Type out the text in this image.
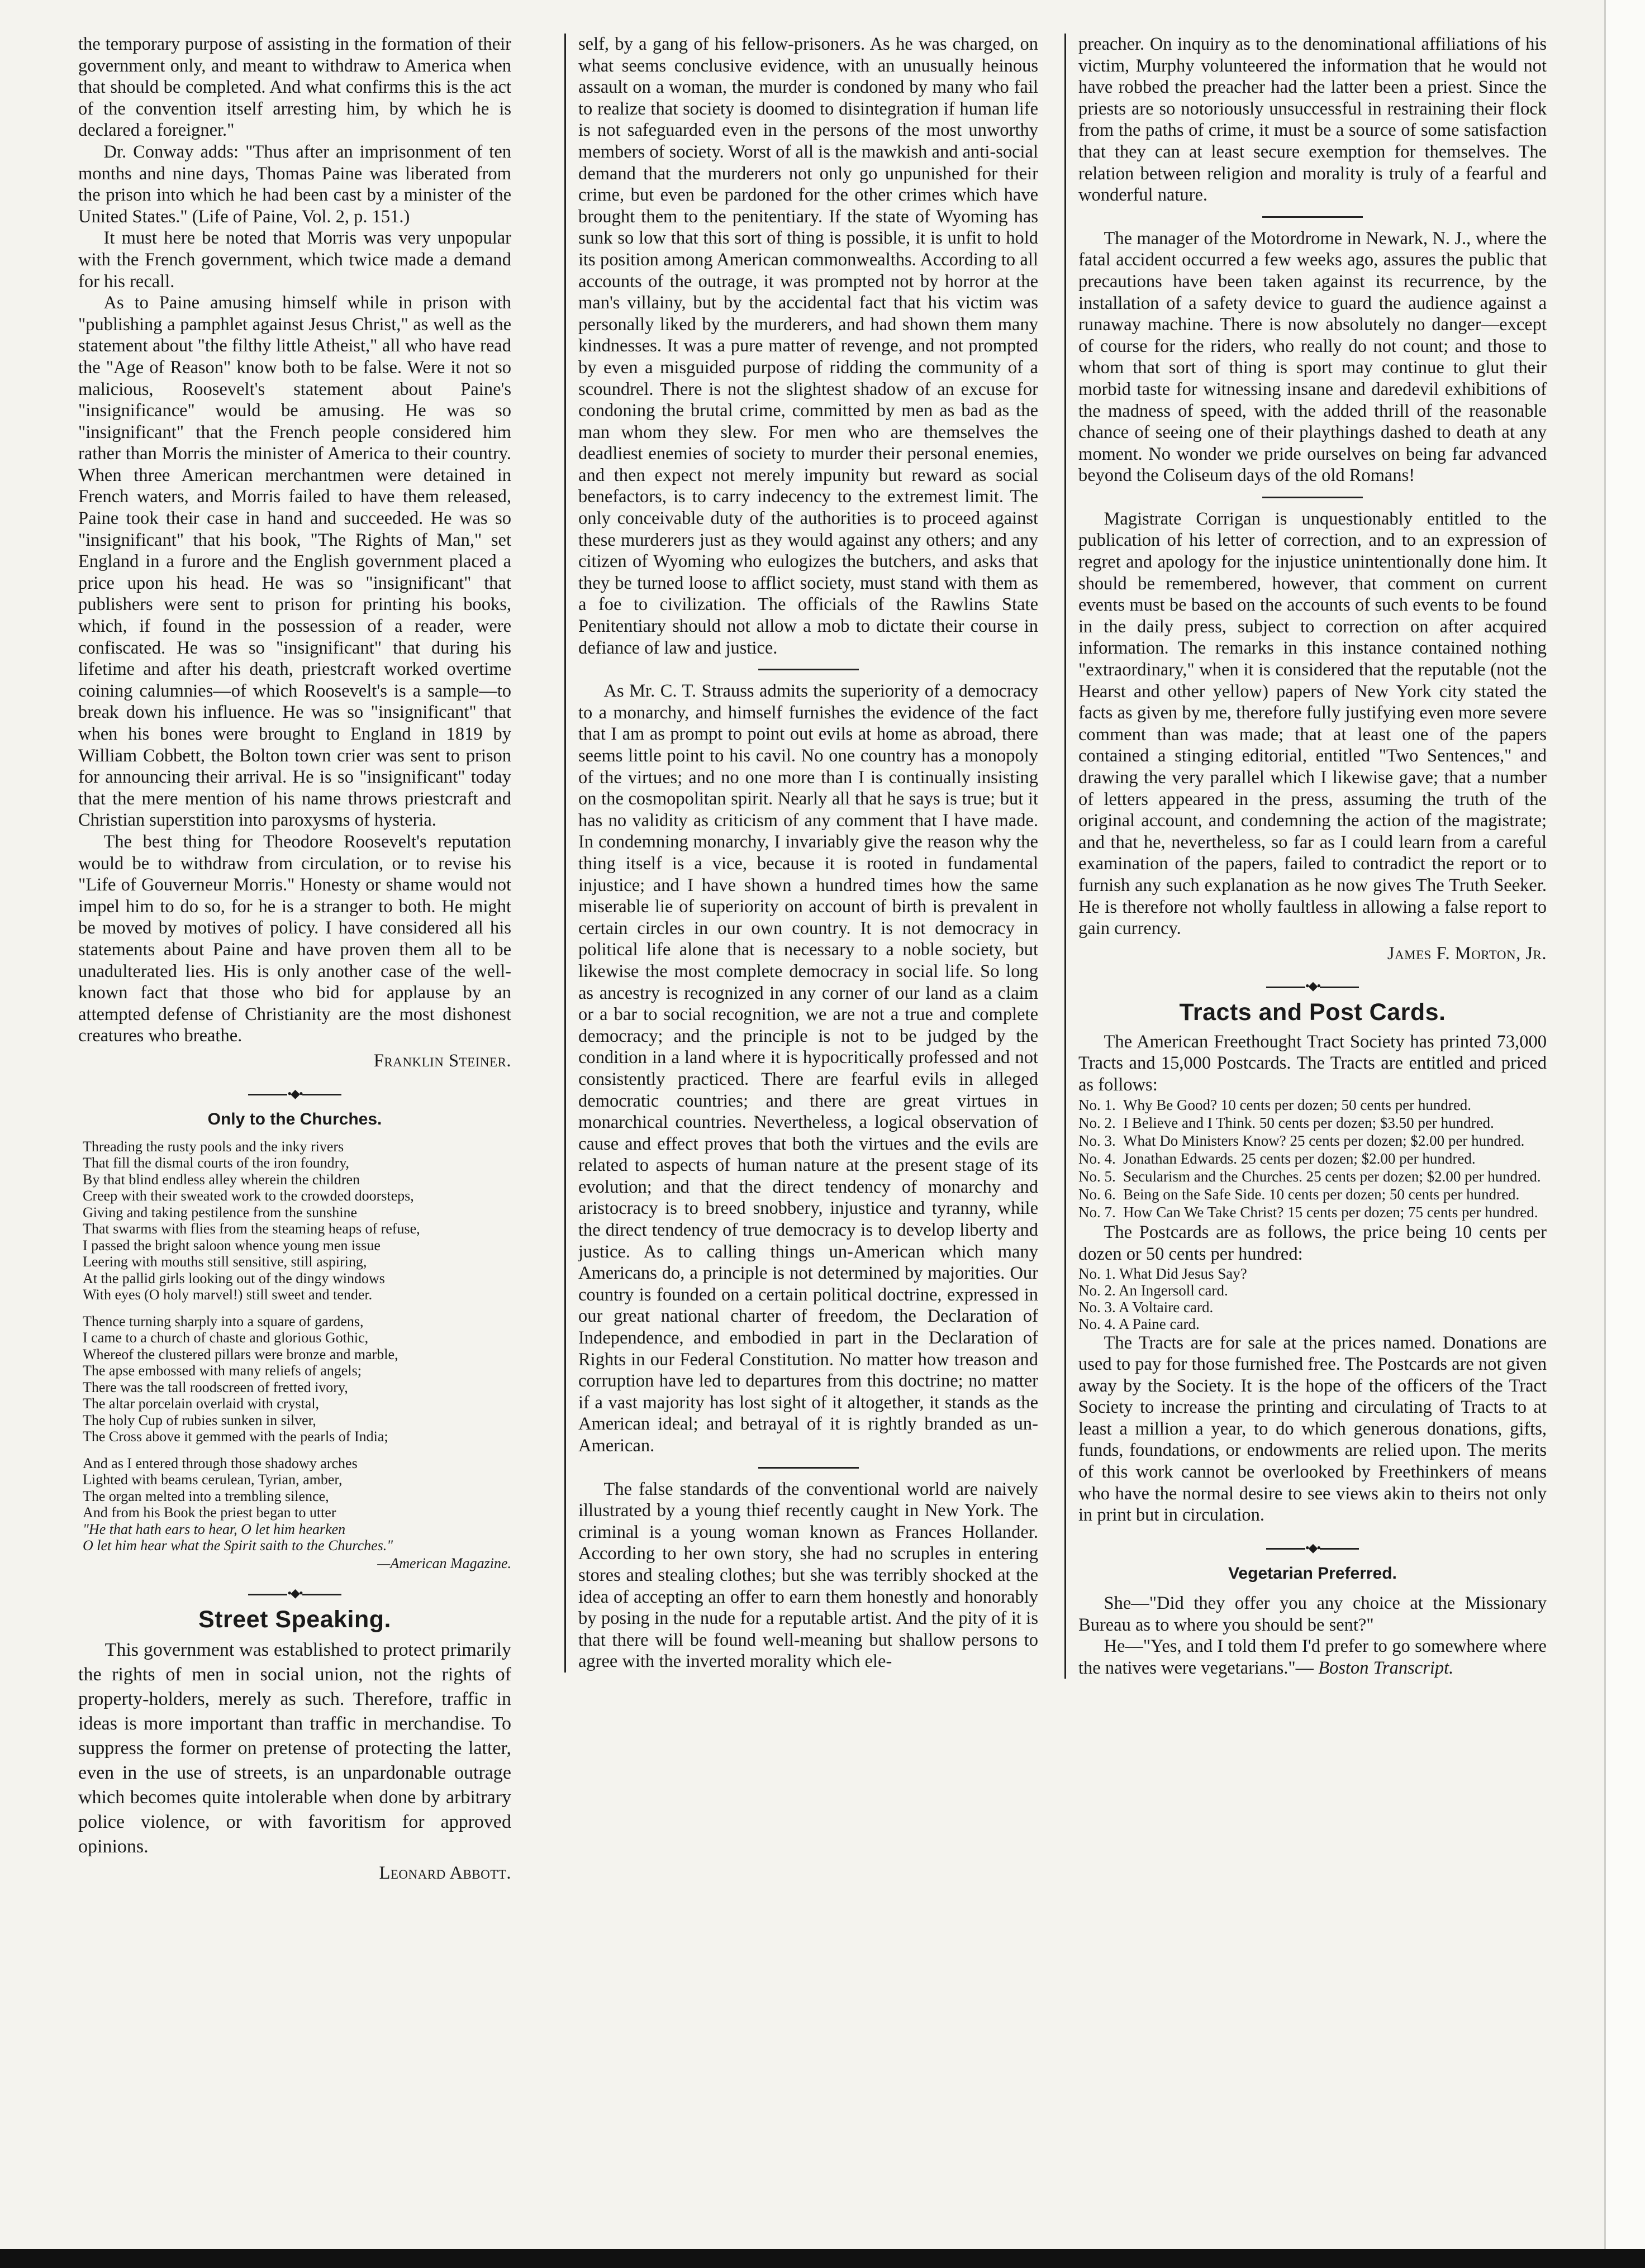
the temporary purpose of assisting in the formation of their government only, and meant to withdraw to America when that should be completed. And what confirms this is the act of the convention itself arresting him, by which he is declared a foreigner."

Dr. Conway adds: "Thus after an imprisonment of ten months and nine days, Thomas Paine was liberated from the prison into which he had been cast by a minister of the United States." (Life of Paine, Vol. 2, p. 151.)

It must here be noted that Morris was very unpopular with the French government, which twice made a demand for his recall.

As to Paine amusing himself while in prison with "publishing a pamphlet against Jesus Christ," as well as the statement about "the filthy little Atheist," all who have read the "Age of Reason" know both to be false. Were it not so malicious, Roosevelt's statement about Paine's "insignificance" would be amusing. He was so "insignificant" that the French people considered him rather than Morris the minister of America to their country. When three American merchantmen were detained in French waters, and Morris failed to have them released, Paine took their case in hand and succeeded. He was so "insignificant" that his book, "The Rights of Man," set England in a furore and the English government placed a price upon his head. He was so "insignificant" that publishers were sent to prison for printing his books, which, if found in the possession of a reader, were confiscated. He was so "insignificant" that during his lifetime and after his death, priestcraft worked overtime coining calumnies—of which Roosevelt's is a sample—to break down his influence. He was so "insignificant" that when his bones were brought to England in 1819 by William Cobbett, the Bolton town crier was sent to prison for announcing their arrival. He is so "insignificant" today that the mere mention of his name throws priestcraft and Christian superstition into paroxysms of hysteria.

The best thing for Theodore Roosevelt's reputation would be to withdraw from circulation, or to revise his "Life of Gouverneur Morris." Honesty or shame would not impel him to do so, for he is a stranger to both. He might be moved by motives of policy. I have considered all his statements about Paine and have proven them all to be unadulterated lies. His is only another case of the well-known fact that those who bid for applause by an attempted defense of Christianity are the most dishonest creatures who breathe.

Franklin Steiner.
•◆•
Only to the Churches.
Threading the rusty pools and the inky rivers
That fill the dismal courts of the iron foundry,
By that blind endless alley wherein the children
Creep with their sweated work to the crowded doorsteps,
Giving and taking pestilence from the sunshine
That swarms with flies from the steaming heaps of refuse,
I passed the bright saloon whence young men issue
Leering with mouths still sensitive, still aspiring,
At the pallid girls looking out of the dingy windows
With eyes (O holy marvel!) still sweet and tender.
Thence turning sharply into a square of gardens,
I came to a church of chaste and glorious Gothic,
Whereof the clustered pillars were bronze and marble,
The apse embossed with many reliefs of angels;
There was the tall roodscreen of fretted ivory,
The altar porcelain overlaid with crystal,
The holy Cup of rubies sunken in silver,
The Cross above it gemmed with the pearls of India;
And as I entered through those shadowy arches
Lighted with beams cerulean, Tyrian, amber,
The organ melted into a trembling silence,
And from his Book the priest began to utter
"He that hath ears to hear, O let him hearken
O let him hear what the Spirit saith to the Churches."
—American Magazine.
•◆•
Street Speaking.

This government was established to protect primarily the rights of men in social union, not the rights of property-holders, merely as such. Therefore, traffic in ideas is more important than traffic in merchandise. To suppress the former on pretense of protecting the latter, even in the use of streets, is an unpardonable outrage which becomes quite intolerable when done by arbitrary police violence, or with favoritism for approved opinions.

Leonard Abbott.

self, by a gang of his fellow-prisoners. As he was charged, on what seems conclusive evidence, with an unusually heinous assault on a woman, the murder is condoned by many who fail to realize that society is doomed to disintegration if human life is not safeguarded even in the persons of the most unworthy members of society. Worst of all is the mawkish and anti-social demand that the murderers not only go unpunished for their crime, but even be pardoned for the other crimes which have brought them to the penitentiary. If the state of Wyoming has sunk so low that this sort of thing is possible, it is unfit to hold its position among American commonwealths. According to all accounts of the outrage, it was prompted not by horror at the man's villainy, but by the accidental fact that his victim was personally liked by the murderers, and had shown them many kindnesses. It was a pure matter of revenge, and not prompted by even a misguided purpose of ridding the community of a scoundrel. There is not the slightest shadow of an excuse for condoning the brutal crime, committed by men as bad as the man whom they slew. For men who are themselves the deadliest enemies of society to murder their personal enemies, and then expect not merely impunity but reward as social benefactors, is to carry indecency to the extremest limit. The only conceivable duty of the authorities is to proceed against these murderers just as they would against any others; and any citizen of Wyoming who eulogizes the butchers, and asks that they be turned loose to afflict society, must stand with them as a foe to civilization. The officials of the Rawlins State Penitentiary should not allow a mob to dictate their course in defiance of law and justice.

As Mr. C. T. Strauss admits the superiority of a democracy to a monarchy, and himself furnishes the evidence of the fact that I am as prompt to point out evils at home as abroad, there seems little point to his cavil. No one country has a monopoly of the virtues; and no one more than I is continually insisting on the cosmopolitan spirit. Nearly all that he says is true; but it has no validity as criticism of any comment that I have made. In condemning monarchy, I invariably give the reason why the thing itself is a vice, because it is rooted in fundamental injustice; and I have shown a hundred times how the same miserable lie of superiority on account of birth is prevalent in certain circles in our own country. It is not democracy in political life alone that is necessary to a noble society, but likewise the most complete democracy in social life. So long as ancestry is recognized in any corner of our land as a claim or a bar to social recognition, we are not a true and complete democracy; and the principle is not to be judged by the condition in a land where it is hypocritically professed and not consistently practiced. There are fearful evils in alleged democratic countries; and there are great virtues in monarchical countries. Nevertheless, a logical observation of cause and effect proves that both the virtues and the evils are related to aspects of human nature at the present stage of its evolution; and that the direct tendency of monarchy and aristocracy is to breed snobbery, injustice and tyranny, while the direct tendency of true democracy is to develop liberty and justice. As to calling things un-American which many Americans do, a principle is not determined by majorities. Our country is founded on a certain political doctrine, expressed in our great national charter of freedom, the Declaration of Independence, and embodied in part in the Declaration of Rights in our Federal Constitution. No matter how treason and corruption have led to departures from this doctrine; no matter if a vast majority has lost sight of it altogether, it stands as the American ideal; and betrayal of it is rightly branded as un-American.

The false standards of the conventional world are naively illustrated by a young thief recently caught in New York. The criminal is a young woman known as Frances Hollander. According to her own story, she had no scruples in entering stores and stealing clothes; but she was terribly shocked at the idea of accepting an offer to earn them honestly and honorably by posing in the nude for a reputable artist. And the pity of it is that there will be found well-meaning but shallow persons to agree with the inverted morality which ele-

preacher. On inquiry as to the denominational affiliations of his victim, Murphy volunteered the information that he would not have robbed the preacher had the latter been a priest. Since the priests are so notoriously unsuccessful in restraining their flock from the paths of crime, it must be a source of some satisfaction that they can at least secure exemption for themselves. The relation between religion and morality is truly of a fearful and wonderful nature.

The manager of the Motordrome in Newark, N. J., where the fatal accident occurred a few weeks ago, assures the public that precautions have been taken against its recurrence, by the installation of a safety device to guard the audience against a runaway machine. There is now absolutely no danger—except of course for the riders, who really do not count; and those to whom that sort of thing is sport may continue to glut their morbid taste for witnessing insane and daredevil exhibitions of the madness of speed, with the added thrill of the reasonable chance of seeing one of their playthings dashed to death at any moment. No wonder we pride ourselves on being far advanced beyond the Coliseum days of the old Romans!

Magistrate Corrigan is unquestionably entitled to the publication of his letter of correction, and to an expression of regret and apology for the injustice unintentionally done him. It should be remembered, however, that comment on current events must be based on the accounts of such events to be found in the daily press, subject to correction on after acquired information. The remarks in this instance contained nothing "extraordinary," when it is considered that the reputable (not the Hearst and other yellow) papers of New York city stated the facts as given by me, therefore fully justifying even more severe comment than was made; that at least one of the papers contained a stinging editorial, entitled "Two Sentences," and drawing the very parallel which I likewise gave; that a number of letters appeared in the press, assuming the truth of the original account, and condemning the action of the magistrate; and that he, nevertheless, so far as I could learn from a careful examination of the papers, failed to contradict the report or to furnish any such explanation as he now gives The Truth Seeker. He is therefore not wholly faultless in allowing a false report to gain currency.

James F. Morton, Jr.
•◆•
Tracts and Post Cards.

The American Freethought Tract Society has printed 73,000 Tracts and 15,000 Postcards. The Tracts are entitled and priced as follows:

No. 1. Why Be Good? 10 cents per dozen; 50 cents per hundred.
No. 2. I Believe and I Think. 50 cents per dozen; $3.50 per hundred.
No. 3. What Do Ministers Know? 25 cents per dozen; $2.00 per hundred.
No. 4. Jonathan Edwards. 25 cents per dozen; $2.00 per hundred.
No. 5. Secularism and the Churches. 25 cents per dozen; $2.00 per hundred.
No. 6. Being on the Safe Side. 10 cents per dozen; 50 cents per hundred.
No. 7. How Can We Take Christ? 15 cents per dozen; 75 cents per hundred.

The Postcards are as follows, the price being 10 cents per dozen or 50 cents per hundred:

No. 1. What Did Jesus Say?
No. 2. An Ingersoll card.
No. 3. A Voltaire card.
No. 4. A Paine card.

The Tracts are for sale at the prices named. Donations are used to pay for those furnished free. The Postcards are not given away by the Society. It is the hope of the officers of the Tract Society to increase the printing and circulating of Tracts to at least a million a year, to do which generous donations, gifts, funds, foundations, or endowments are relied upon. The merits of this work cannot be overlooked by Freethinkers of means who have the normal desire to see views akin to theirs not only in print but in circulation.

•◆•
Vegetarian Preferred.

She—"Did they offer you any choice at the Missionary Bureau as to where you should be sent?"

He—"Yes, and I told them I'd prefer to go somewhere where the natives were vegetarians."— Boston Transcript.
